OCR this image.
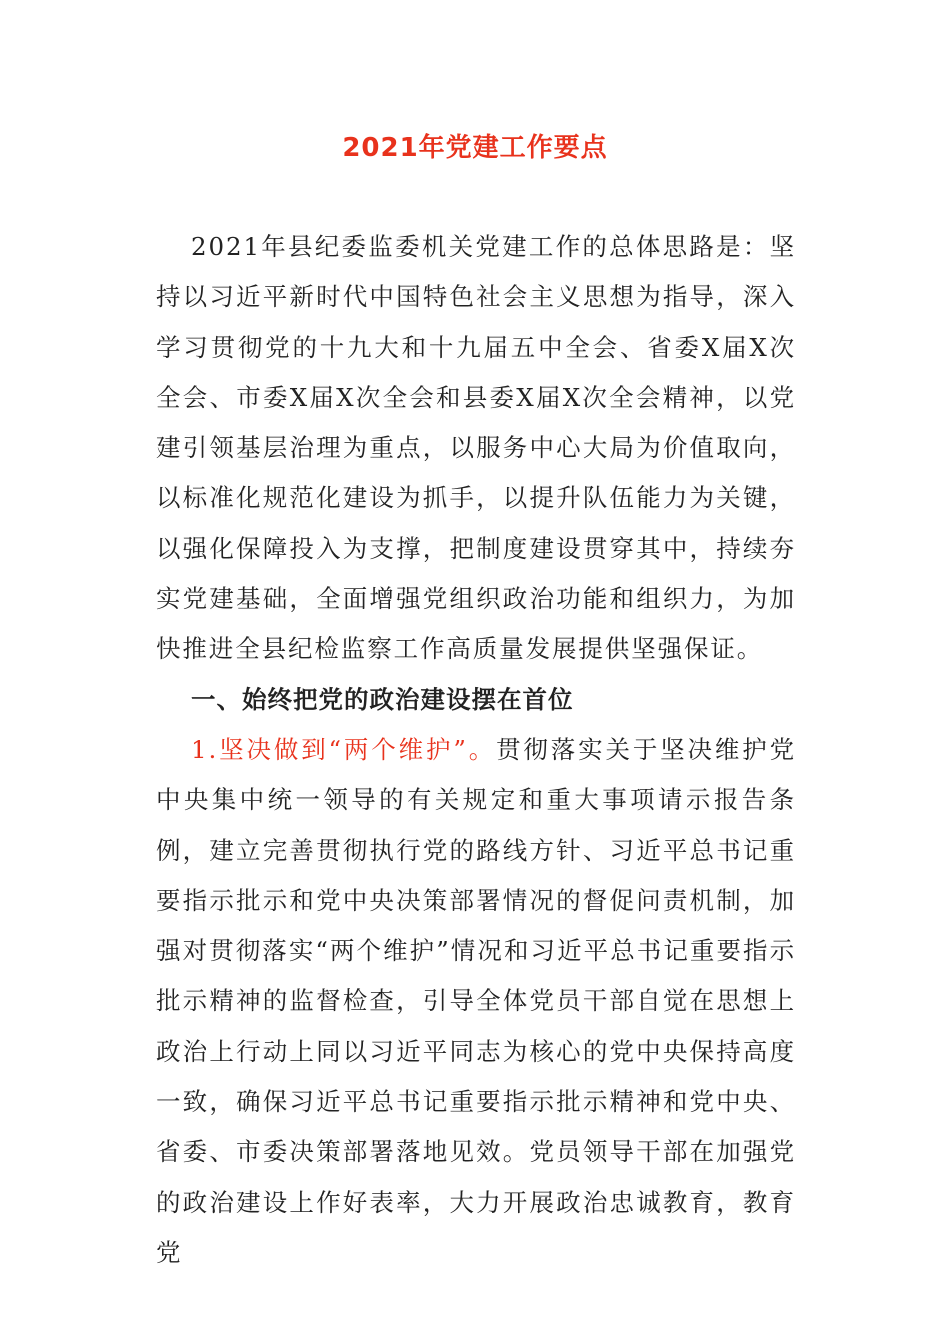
2021年党建工作要点

2021年县纪委监委机关党建工作的总体思路是：坚持以习近平新时代中国特色社会主义思想为指导，深入学习贯彻党的十九大和十九届五中全会、省委X届X次全会、市委X届X次全会和县委X届X次全会精神，以党建引领基层治理为重点，以服务中心大局为价值取向，以标准化规范化建设为抓手，以提升队伍能力为关键，以强化保障投入为支撑，把制度建设贯穿其中，持续夯实党建基础，全面增强党组织政治功能和组织力，为加快推进全县纪检监察工作高质量发展提供坚强保证。

一、始终把党的政治建设摆在首位

1.坚决做到“两个维护”。贯彻落实关于坚决维护党中央集中统一领导的有关规定和重大事项请示报告条例，建立完善贯彻执行党的路线方针、习近平总书记重要指示批示和党中央决策部署情况的督促问责机制，加强对贯彻落实“两个维护”情况和习近平总书记重要指示批示精神的监督检查，引导全体党员干部自觉在思想上政治上行动上同以习近平同志为核心的党中央保持高度一致，确保习近平总书记重要指示批示精神和党中央、省委、市委决策部署落地见效。党员领导干部在加强党的政治建设上作好表率，大力开展政治忠诚教育，教育党
